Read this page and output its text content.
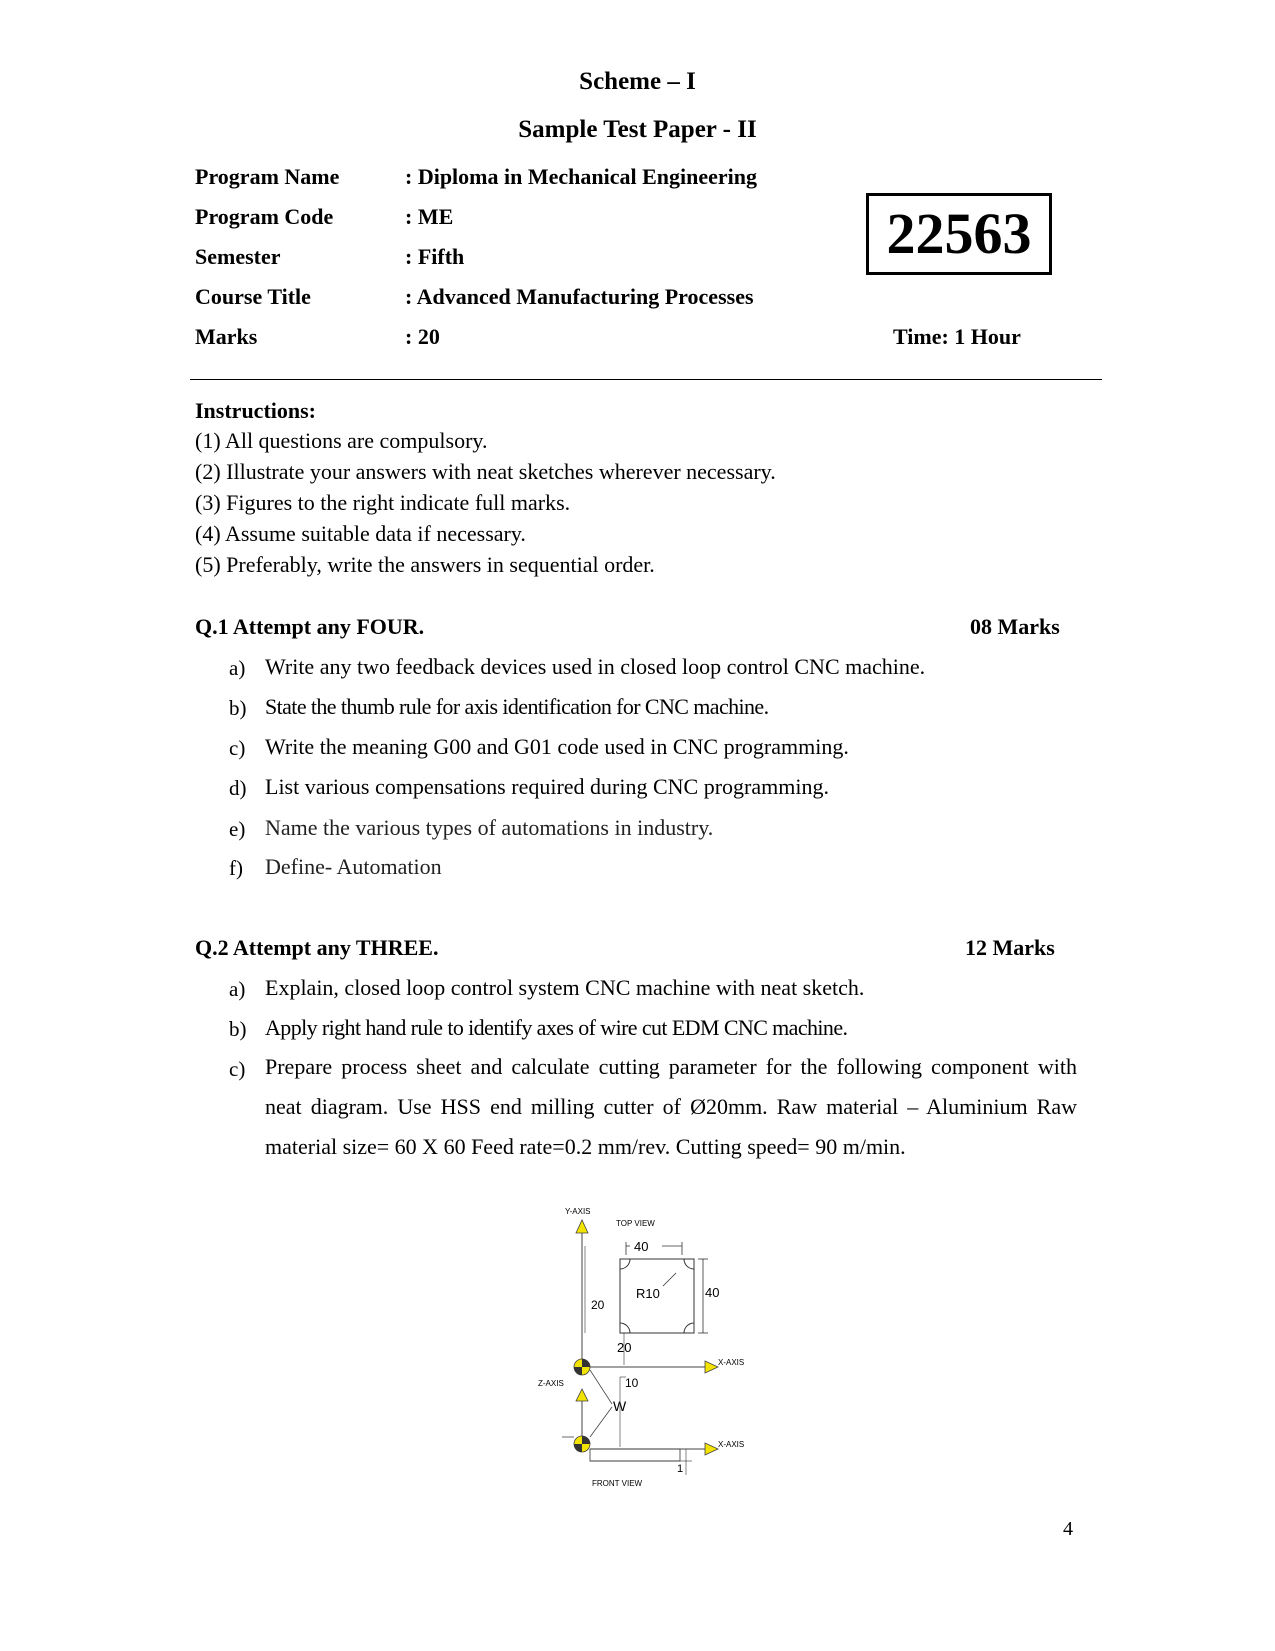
Scheme – I
Sample Test Paper - II
Program Name	: Diploma in Mechanical Engineering
Program Code	: ME
Semester	: Fifth
Course Title	: Advanced Manufacturing Processes
Marks	: 20
22563
Time: 1 Hour
Instructions:
(1) All questions are compulsory.
(2) Illustrate your answers with neat sketches wherever necessary.
(3) Figures to the right indicate full marks.
(4) Assume suitable data if necessary.
(5) Preferably, write the answers in sequential order.
Q.1 Attempt any FOUR.	08 Marks
a) Write any two feedback devices used in closed loop control CNC machine.
b) State the thumb rule for axis identification for CNC machine.
c) Write the meaning G00 and G01 code used in CNC programming.
d) List various compensations required during CNC programming.
e) Name the various types of automations in industry.
f) Define- Automation
Q.2 Attempt any THREE.	12 Marks
a) Explain, closed loop control system CNC machine with neat sketch.
b) Apply right hand rule to identify axes of wire cut EDM CNC machine.
c) Prepare process sheet and calculate cutting parameter for the following component with neat diagram. Use HSS end milling cutter of Ø20mm. Raw material – Aluminium Raw material size= 60 X 60 Feed rate=0.2 mm/rev. Cutting speed= 90 m/min.
Y-AXIS
TOP VIEW
40
20
R10	40
20
X-AXIS
Z-AXIS
W
10
X-AXIS
1
FRONT VIEW
4
